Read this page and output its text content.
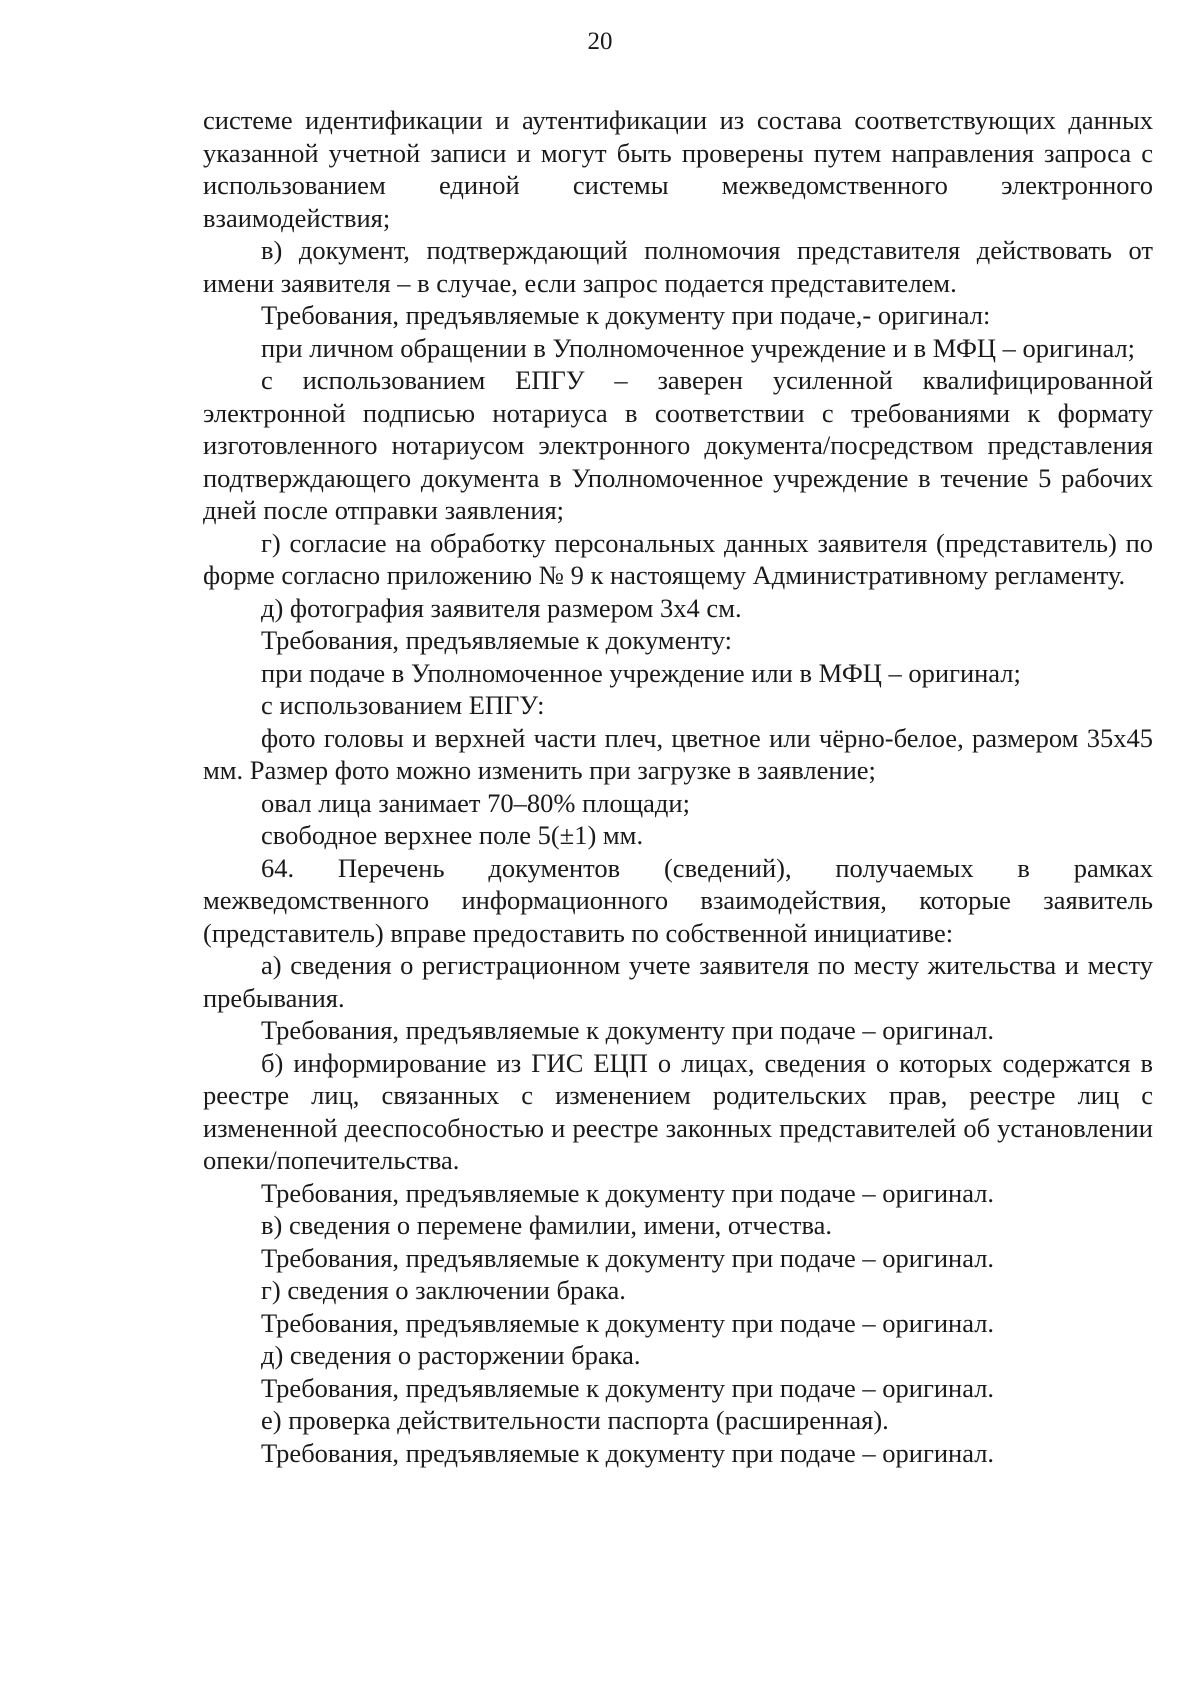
20

системе идентификации и аутентификации из состава соответствующих данных указанной учетной записи и могут быть проверены путем направления запроса с использованием единой системы межведомственного электронного взаимодействия;

в) документ, подтверждающий полномочия представителя действовать от имени заявителя – в случае, если запрос подается представителем.

Требования, предъявляемые к документу при подаче,- оригинал:

при личном обращении в Уполномоченное учреждение и в МФЦ – оригинал;

с использованием ЕПГУ – заверен усиленной квалифицированной электронной подписью нотариуса в соответствии с требованиями к формату изготовленного нотариусом электронного документа/посредством представления подтверждающего документа в Уполномоченное учреждение в течение 5 рабочих дней после отправки заявления;

г) согласие на обработку персональных данных заявителя (представитель) по форме согласно приложению № 9 к настоящему Административному регламенту.

д) фотография заявителя размером 3х4 см.

Требования, предъявляемые к документу:

при подаче в Уполномоченное учреждение или в МФЦ – оригинал;

с использованием ЕПГУ:

фото головы и верхней части плеч, цветное или чёрно-белое, размером 35х45 мм. Размер фото можно изменить при загрузке в заявление;

овал лица занимает 70–80% площади;

свободное верхнее поле 5(±1) мм.

64. Перечень документов (сведений), получаемых в рамках межведомственного информационного взаимодействия, которые заявитель (представитель) вправе предоставить по собственной инициативе:

а) сведения о регистрационном учете заявителя по месту жительства и месту пребывания.

Требования, предъявляемые к документу при подаче – оригинал.

б) информирование из ГИС ЕЦП о лицах, сведения о которых содержатся в реестре лиц, связанных с изменением родительских прав, реестре лиц с измененной дееспособностью и реестре законных представителей об установлении опеки/попечительства.

Требования, предъявляемые к документу при подаче – оригинал.

в) сведения о перемене фамилии, имени, отчества.

Требования, предъявляемые к документу при подаче – оригинал.

г) сведения о заключении брака.

Требования, предъявляемые к документу при подаче – оригинал.

д) сведения о расторжении брака.

Требования, предъявляемые к документу при подаче – оригинал.

е) проверка действительности паспорта (расширенная).

Требования, предъявляемые к документу при подаче – оригинал.
